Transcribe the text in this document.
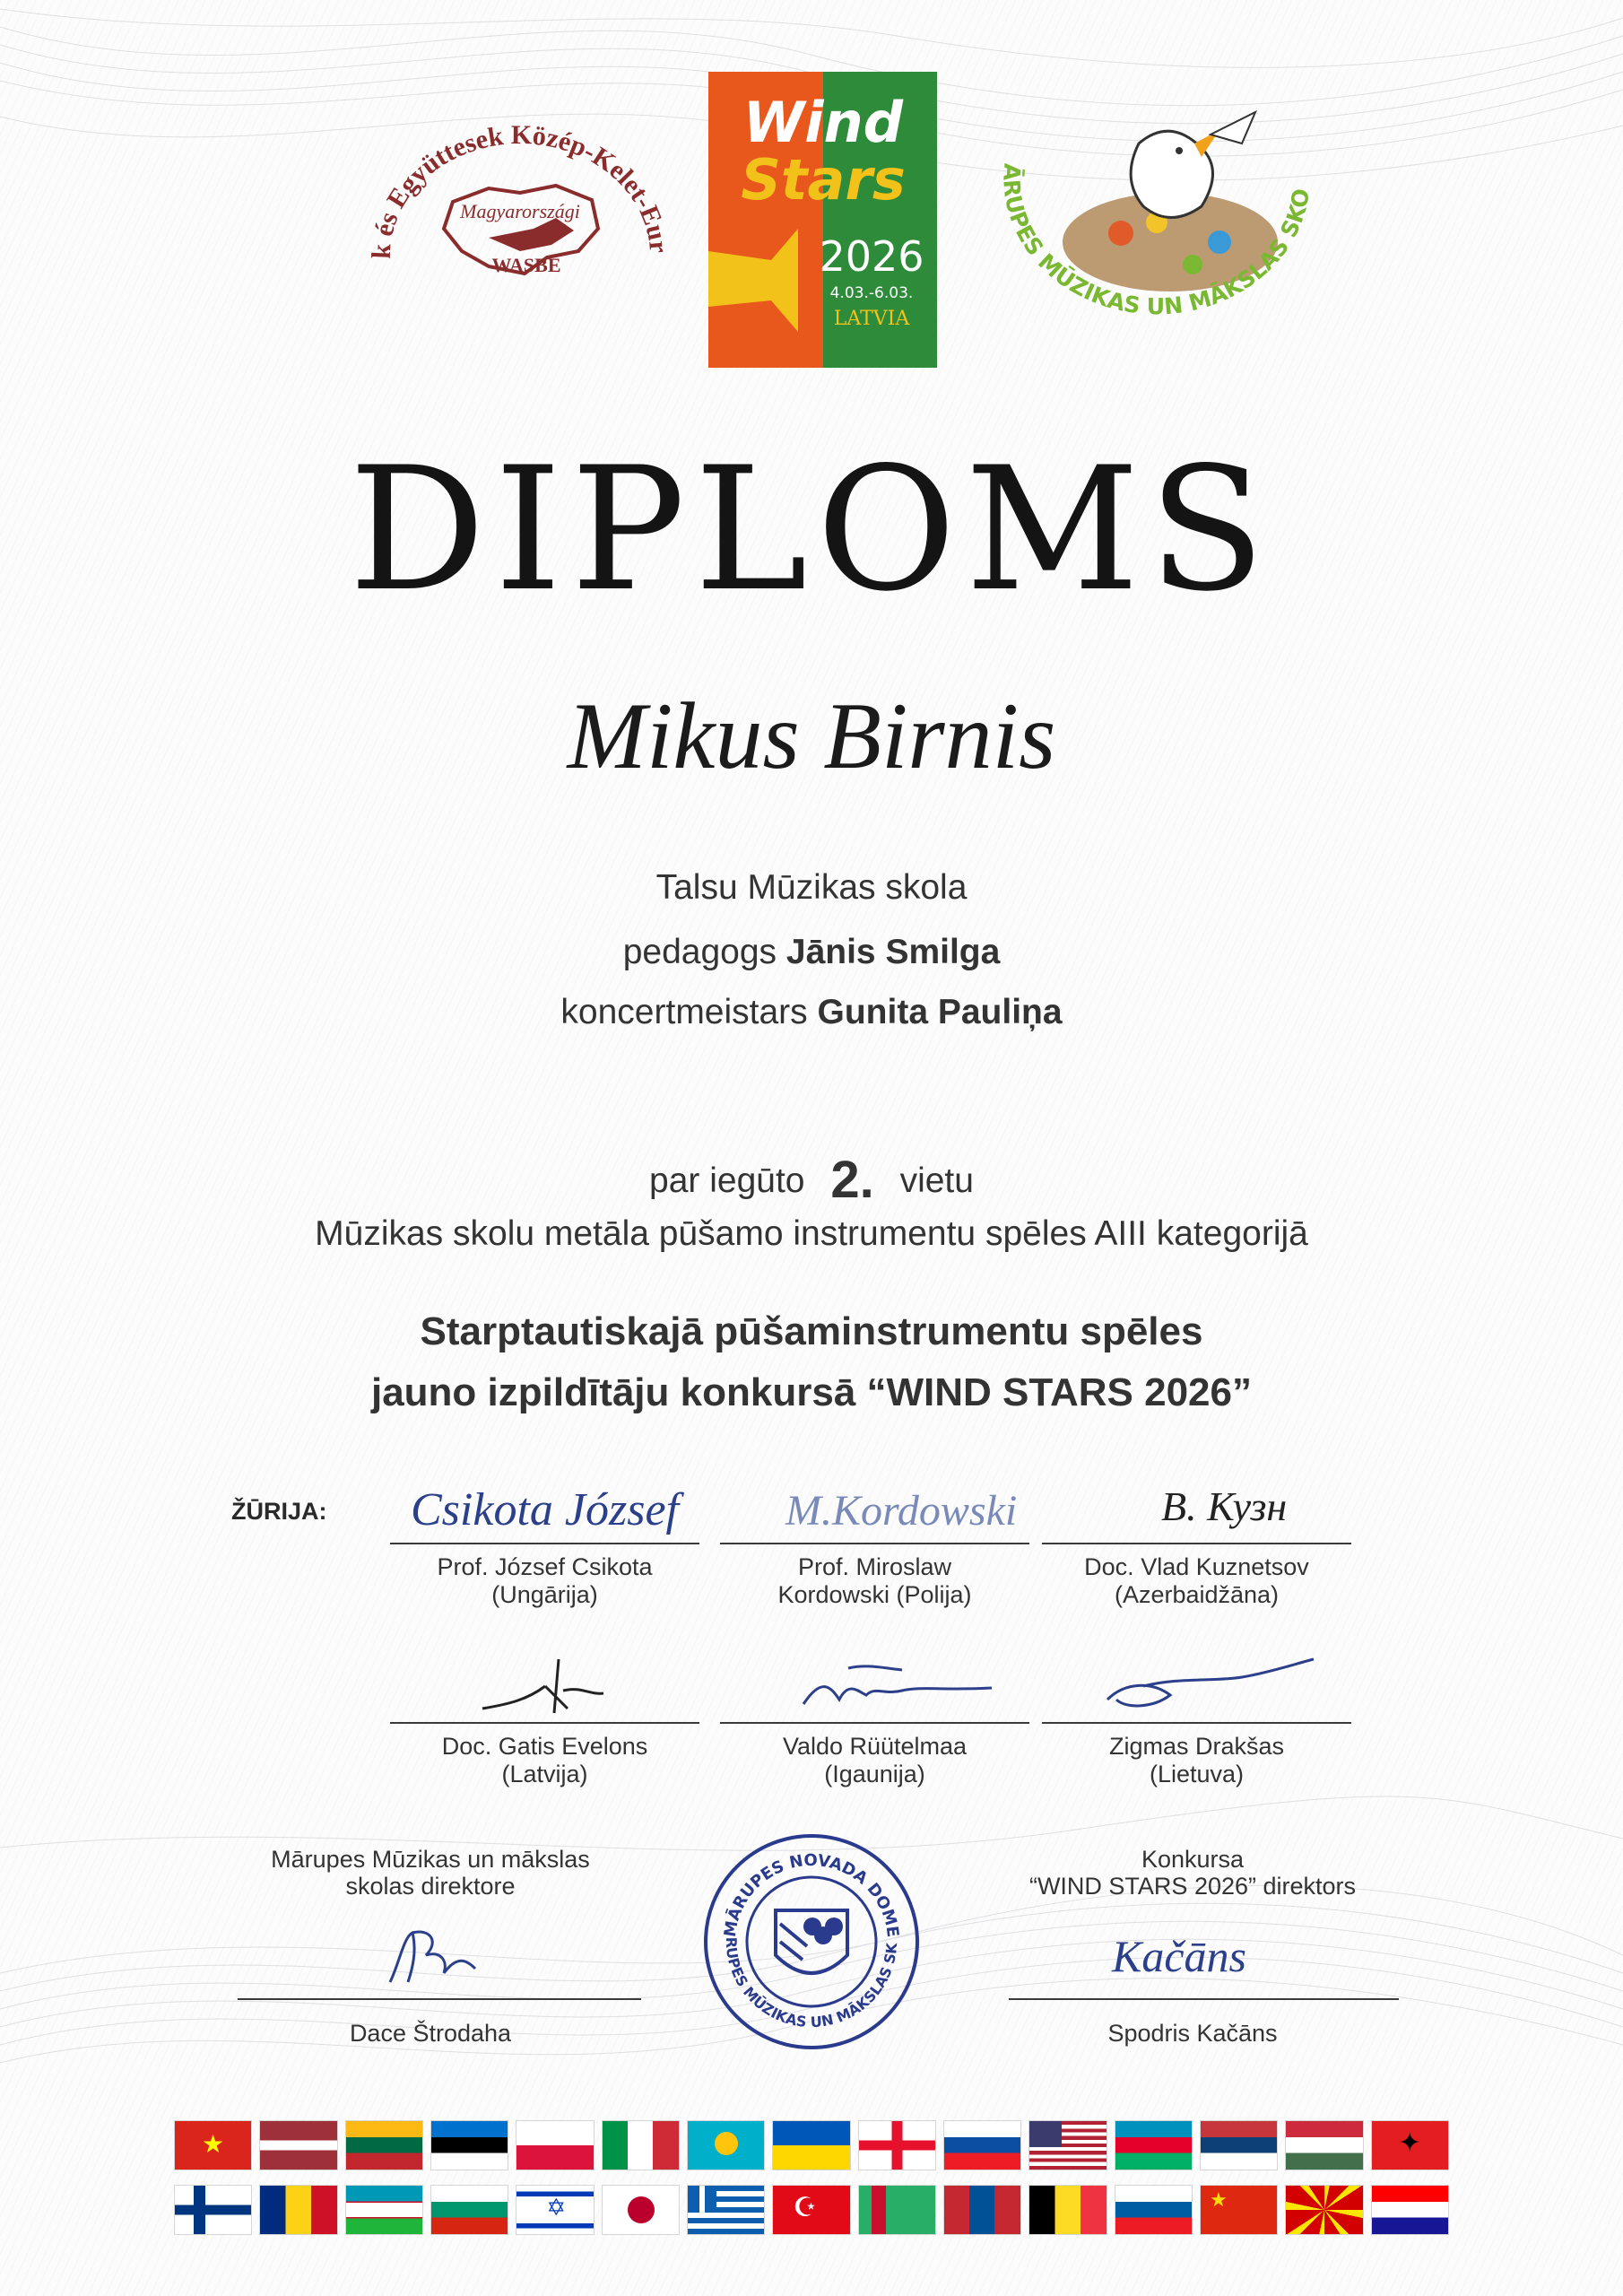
k és Együttesek Közép-Kelet-Eur
Magyarországi
WASBE
Wind
Stars
2026
4.03.-6.03.
LATVIA
ĀRUPES MŪZIKAS UN MĀKSLAS SKO
DIPLOMS
Mikus Birnis
Talsu Mūzikas skola
pedagogs Jānis Smilga
koncertmeistars Gunita Pauliņa
par iegūto 2. vietu
Mūzikas skolu metāla pūšamo instrumentu spēles AIII kategorijā
Starptautiskajā pūšaminstrumentu spēles
jauno izpildītāju konkursā “WIND STARS 2026”
ŽŪRIJA: Csikota József
Prof. József Csikota
(Ungārija)
M.Kordowski
Prof. Miroslaw
Kordowski (Polija)
B. Кузн
Doc. Vlad Kuznetsov
(Azerbaidžāna)
Doc. Gatis Evelons
(Latvija)
Valdo Rüütelmaa
(Igaunija)
Zigmas Drakšas
(Lietuva)
Mārupes Mūzikas un mākslas
skolas direktore
Dace Štrodaha
Konkursa
“WIND STARS 2026” direktors
Kačāns
Spodris Kačāns
MĀRUPES NOVADA DOME
RUPES MŪZIKAS UN MĀKSLAS SK
★	✦
✡	☪	★
